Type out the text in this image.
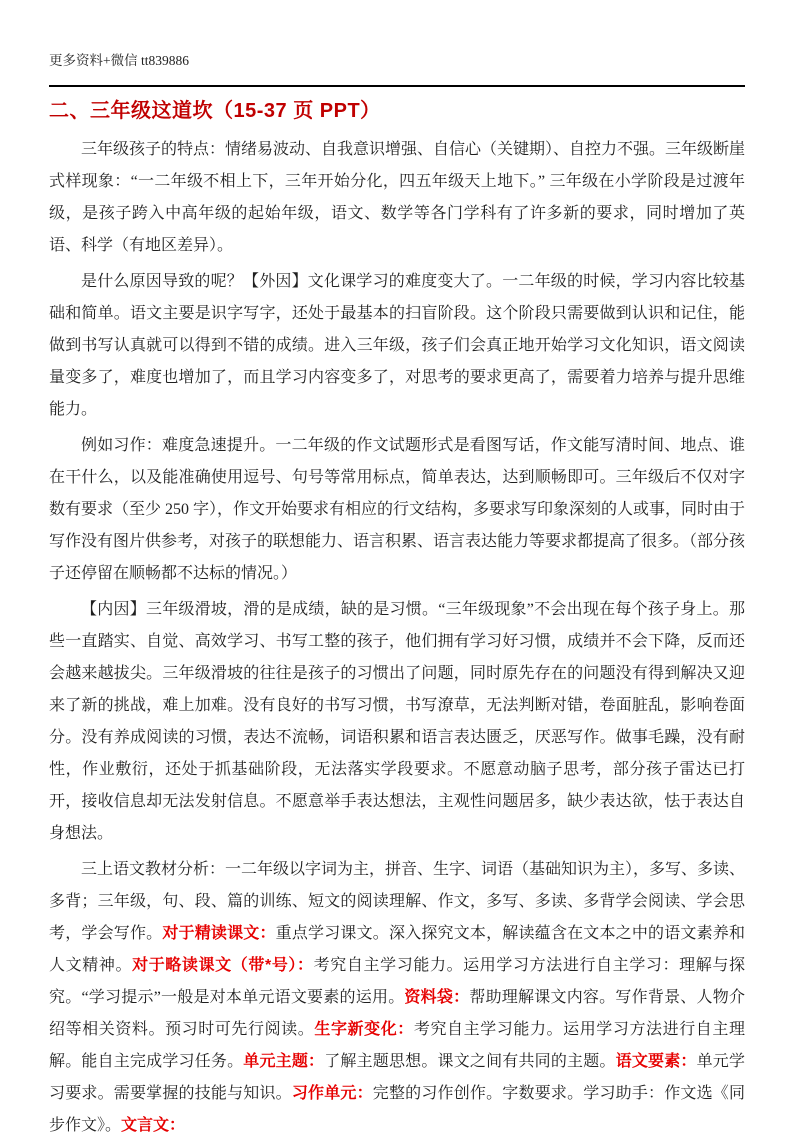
更多资料+微信 tt839886
二、三年级这道坎（15-37 页 PPT）

三年级孩子的特点：情绪易波动、自我意识增强、自信心（关键期）、自控力不强。三年级断崖式样现象：“一二年级不相上下，三年开始分化，四五年级天上地下。” 三年级在小学阶段是过渡年级，是孩子跨入中高年级的起始年级，语文、数学等各门学科有了许多新的要求，同时增加了英语、科学（有地区差异）。

是什么原因导致的呢？【外因】文化课学习的难度变大了。一二年级的时候，学习内容比较基础和简单。语文主要是识字写字，还处于最基本的扫盲阶段。这个阶段只需要做到认识和记住，能做到书写认真就可以得到不错的成绩。进入三年级，孩子们会真正地开始学习文化知识，语文阅读量变多了，难度也增加了，而且学习内容变多了，对思考的要求更高了，需要着力培养与提升思维能力。

例如习作：难度急速提升。一二年级的作文试题形式是看图写话，作文能写清时间、地点、谁在干什么，以及能准确使用逗号、句号等常用标点，简单表达，达到顺畅即可。三年级后不仅对字数有要求（至少 250 字），作文开始要求有相应的行文结构，多要求写印象深刻的人或事，同时由于写作没有图片供参考，对孩子的联想能力、语言积累、语言表达能力等要求都提高了很多。（部分孩子还停留在顺畅都不达标的情况。）

【内因】三年级滑坡，滑的是成绩，缺的是习惯。“三年级现象”不会出现在每个孩子身上。那些一直踏实、自觉、高效学习、书写工整的孩子，他们拥有学习好习惯，成绩并不会下降，反而还会越来越拔尖。三年级滑坡的往往是孩子的习惯出了问题，同时原先存在的问题没有得到解决又迎来了新的挑战，难上加难。没有良好的书写习惯，书写潦草，无法判断对错，卷面脏乱，影响卷面分。没有养成阅读的习惯，表达不流畅，词语积累和语言表达匮乏，厌恶写作。做事毛躁，没有耐性，作业敷衍，还处于抓基础阶段，无法落实学段要求。不愿意动脑子思考，部分孩子雷达已打开，接收信息却无法发射信息。不愿意举手表达想法，主观性问题居多，缺少表达欲，怯于表达自身想法。

三上语文教材分析：一二年级以字词为主，拼音、生字、词语（基础知识为主），多写、多读、多背；三年级，句、段、篇的训练、短文的阅读理解、作文，多写、多读、多背学会阅读、学会思考，学会写作。对于精读课文：重点学习课文。深入探究文本，解读蕴含在文本之中的语文素养和人文精神。对于略读课文（带*号）：考究自主学习能力。运用学习方法进行自主学习：理解与探究。“学习提示”一般是对本单元语文要素的运用。资料袋：帮助理解课文内容。写作背景、人物介绍等相关资料。预习时可先行阅读。生字新变化：考究自主学习能力。运用学习方法进行自主理解。能自主完成学习任务。单元主题：了解主题思想。课文之间有共同的主题。语文要素：单元学习要求。需要掌握的技能与知识。习作单元：完整的习作创作。字数要求。学习助手：作文选《同步作文》。文言文：
